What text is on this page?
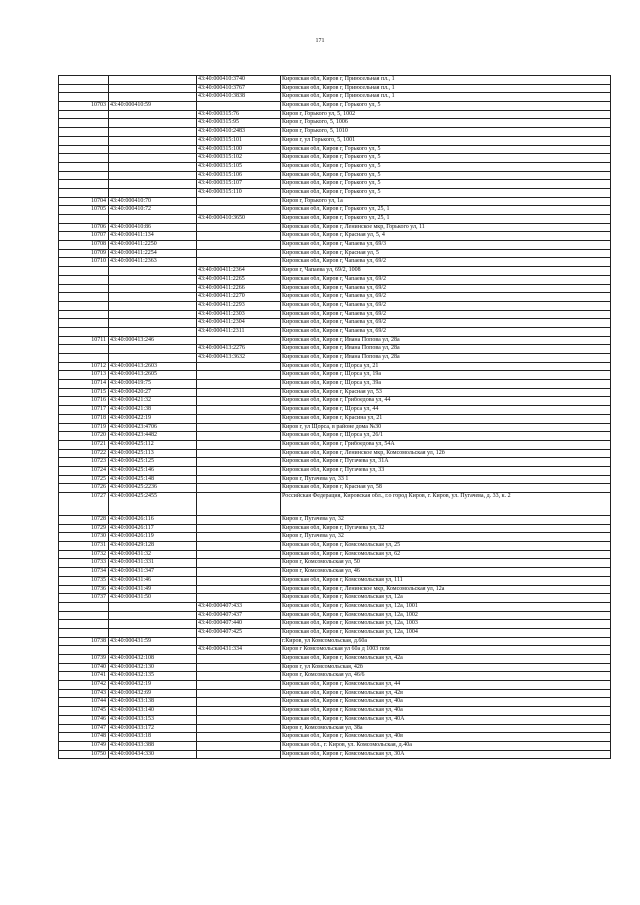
171
		43:40:000410:3740	Кировская обл, Киров г, Приюсельная пл., 1
		43:40:000410:3767	Кировская обл, Киров г, Приюсельная пл., 1
		43:40:000410:3838	Кировская обл, Киров г, Приюсельная пл., 1
10703	43:40:000410:59		Кировская обл, Киров г, Горького ул, 5
		43:40:000315:76	Киров г, Горького ул, 5, 1002
		43:40:000315:95	Киров г, Горького, 5, 1006
		43:40:000410:2483	Киров г, Горького, 5, 1010
		43:40:000315:101	Киров г, ул Горького, 5, 1001
		43:40:000315:100	Кировская обл, Киров г, Горького ул, 5
		43:40:000315:102	Кировская обл, Киров г, Горького ул, 5
		43:40:000315:105	Кировская обл, Киров г, Горького ул, 5
		43:40:000315:106	Кировская обл, Киров г, Горького ул, 5
		43:40:000315:107	Кировская обл, Киров г, Горького ул, 5
		43:40:000315:110	Кировская обл, Киров г, Горького ул, 5
10704	43:40:000410:70		Киров г, Горького ул, 1а
10705	43:40:000410:72		Кировская обл, Киров г, Горького ул, 25, 1
		43:40:000410:3650	Кировская обл, Киров г, Горького ул, 25, 1
10706	43:40:000410:86		Кировская обл, Киров г, Ленинское мкр, Горького ул, 11
10707	43:40:000411:134		Кировская обл, Киров г, Красная ул, 5, 4
10708	43:40:000411:2250		Кировская обл, Киров г, Чапаева ул, 69/3
10709	43:40:000411:2254		Кировская обл, Киров г, Красная ул, 5
10710	43:40:000411:2363		Кировская обл, Киров г, Чапаева ул, 69/2
		43:40:000411:2364	Киров г, Чапаева ул, 69/2, 1008
		43:40:000411:2265	Кировская обл, Киров г, Чапаева ул, 69/2
		43:40:000411:2266	Кировская обл, Киров г, Чапаева ул, 69/2
		43:40:000411:2270	Кировская обл, Киров г, Чапаева ул, 69/2
		43:40:000411:2293	Кировская обл, Киров г, Чапаева ул, 69/2
		43:40:000411:2303	Кировская обл, Киров г, Чапаева ул, 69/2
		43:40:000411:2304	Кировская обл, Киров г, Чапаева ул, 69/2
		43:40:000411:2311	Кировская обл, Киров г, Чапаева ул, 69/2
10711	43:40:000413:246		Кировская обл, Киров г, Ивана Попова ул, 28а
		43:40:000413:2276	Кировская обл, Киров г, Ивана Попова ул, 28а
		43:40:000413:3632	Кировская обл, Киров г, Ивана Попова ул, 28а
10712	43:40:000413:2603		Кировская обл, Киров г, Щорса ул, 21
10713	43:40:000413:2605		Кировская обл, Киров г, Щорса ул, 19а
10714	43:40:000419:75		Кировская обл, Киров г, Щорса ул, 39а
10715	43:40:000420:27		Кировская обл, Киров г, Красная ул, 53
10716	43:40:000421:32		Кировская обл, Киров г, Грибоедова ул, 44
10717	43:40:000421:38		Кировская обл, Киров г, Щорса ул, 44
10718	43:40:000422:19		Кировская обл, Киров г, Красина ул, 21
10719	43:40:000423:4706		Киров г, ул Щорса, в районе дома №30
10720	43:40:000423:4482		Кировская обл, Киров г, Щорса ул, 26/1
10721	43:40:000425:112		Кировская обл, Киров г, Грибоедова ул, 54А
10722	43:40:000425:113		Кировская обл, Киров г, Ленинское мкр, Комсомольская ул, 12б
10723	43:40:000425:125		Кировская обл, Киров г, Пугачева ул, 31А
10724	43:40:000425:146		Кировская обл, Киров г, Пугачева ул, 33
10725	43:40:000425:148		Киров г, Пугачева ул, 33 1
10726	43:40:000425:2236		Кировская обл, Киров г, Красная ул, 58
10727	43:40:000425:2455		Российская Федерация, Кировская обл., г.о город Киров, г. Киров, ул. Пугачева, д. 33, к. 2
10728	43:40:000426:116		Киров г, Пугачева ул, 32
10729	43:40:000426:117		Кировская обл, Киров г, Пугачева ул, 32
10730	43:40:000426:119		Киров г, Пугачева ул, 32
10731	43:40:000429:128		Кировская обл, Киров г, Комсомольская ул, 25
10732	43:40:000431:32		Кировская обл, Киров г, Комсомольская ул, 62
10733	43:40:000431:331		Киров г, Комсомольская ул, 50
10734	43:40:000431:347		Киров г, Комсомольская ул, 46
10735	43:40:000431:46		Кировская обл, Киров г, Комсомольская ул, 111
10736	43:40:000431:49		Кировская обл, Киров г, Ленинское мкр, Комсомольская ул, 12а
10737	43:40:000431:50		Кировская обл, Киров г, Комсомольская ул, 12а
		43:40:000407:433	Кировская обл, Киров г, Комсомольская ул, 12а, 1001
		43:40:000407:437	Кировская обл, Киров г, Комсомольская ул, 12а, 1002
		43:40:000407:440	Кировская обл, Киров г, Комсомольская ул, 12а, 1003
		43:40:000407:425	Кировская обл, Киров г, Комсомольская ул, 12а, 1004
10738	43:40:000431:59		г.Киров, ул Комсомольская, д.60а
		43:40:000431:334	Киров г Комсомольская ул 60а д 1003 пом
10739	43:40:000432:108		Кировская обл, Киров г, Комсомольская ул, 42а
10740	43:40:000432:130		Киров г, ул Комсомольская, 42б
10741	43:40:000432:135		Киров г, Комсомольская ул, 46/6
10742	43:40:000432:19		Кировская обл, Киров г, Комсомольская ул, 44
10743	43:40:000432:69		Кировская обл, Киров г, Комсомольская ул, 42в
10744	43:40:000433:138		Кировская обл, Киров г, Комсомольская ул, 40а
10745	43:40:000433:140		Кировская обл, Киров г, Комсомольская ул, 40а
10746	43:40:000433:153		Кировская обл, Киров г, Комсомольская ул, 40А
10747	43:40:000433:172		Киров г, Комсомольская ул, 38а
10748	43:40:000433:18		Кировская обл, Киров г, Комсомольская ул, 40в
10749	43:40:000433:388		Кировская обл., г. Киров, ул. Комсомольская, д.40а
10750	43:40:000434:330		Кировская обл, Киров г, Комсомольская ул, 30А
